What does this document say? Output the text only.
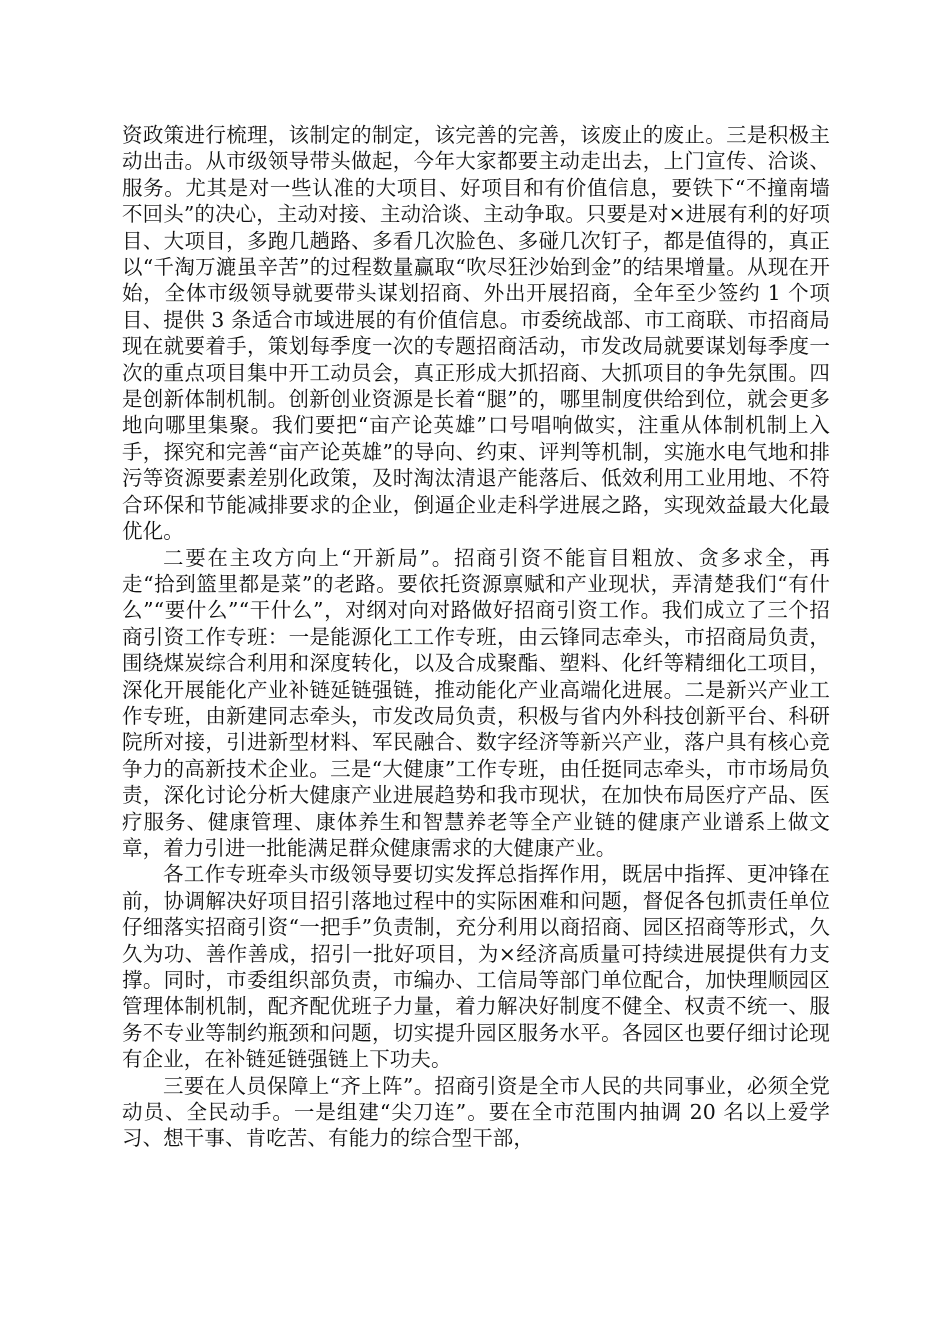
资政策进行梳理，该制定的制定，该完善的完善，该废止的废止。三是积极主动出击。从市级领导带头做起，今年大家都要主动走出去，上门宣传、洽谈、服务。尤其是对一些认准的大项目、好项目和有价值信息，要铁下“不撞南墙不回头”的决心，主动对接、主动洽谈、主动争取。只要是对×进展有利的好项目、大项目，多跑几趟路、多看几次脸色、多碰几次钉子，都是值得的，真正以“千淘万漉虽辛苦”的过程数量赢取“吹尽狂沙始到金”的结果增量。从现在开始，全体市级领导就要带头谋划招商、外出开展招商，全年至少签约 1 个项目、提供 3 条适合市域进展的有价值信息。市委统战部、市工商联、市招商局现在就要着手，策划每季度一次的专题招商活动，市发改局就要谋划每季度一次的重点项目集中开工动员会，真正形成大抓招商、大抓项目的争先氛围。四是创新体制机制。创新创业资源是长着“腿”的，哪里制度供给到位，就会更多地向哪里集聚。我们要把“亩产论英雄”口号唱响做实，注重从体制机制上入手，探究和完善“亩产论英雄”的导向、约束、评判等机制，实施水电气地和排污等资源要素差别化政策，及时淘汰清退产能落后、低效利用工业用地、不符合环保和节能减排要求的企业，倒逼企业走科学进展之路，实现效益最大化最优化。

二要在主攻方向上“开新局”。招商引资不能盲目粗放、贪多求全，再走“拾到篮里都是菜”的老路。要依托资源禀赋和产业现状，弄清楚我们“有什么”“要什么”“干什么”，对纲对向对路做好招商引资工作。我们成立了三个招商引资工作专班：一是能源化工工作专班，由云锋同志牵头，市招商局负责，围绕煤炭综合利用和深度转化，以及合成聚酯、塑料、化纤等精细化工项目，深化开展能化产业补链延链强链，推动能化产业高端化进展。二是新兴产业工作专班，由新建同志牵头，市发改局负责，积极与省内外科技创新平台、科研院所对接，引进新型材料、军民融合、数字经济等新兴产业，落户具有核心竞争力的高新技术企业。三是“大健康”工作专班，由任挺同志牵头，市市场局负责，深化讨论分析大健康产业进展趋势和我市现状，在加快布局医疗产品、医疗服务、健康管理、康体养生和智慧养老等全产业链的健康产业谱系上做文章，着力引进一批能满足群众健康需求的大健康产业。

各工作专班牵头市级领导要切实发挥总指挥作用，既居中指挥、更冲锋在前，协调解决好项目招引落地过程中的实际困难和问题，督促各包抓责任单位仔细落实招商引资“一把手”负责制，充分利用以商招商、园区招商等形式，久久为功、善作善成，招引一批好项目，为×经济高质量可持续进展提供有力支撑。同时，市委组织部负责，市编办、工信局等部门单位配合，加快理顺园区管理体制机制，配齐配优班子力量，着力解决好制度不健全、权责不统一、服务不专业等制约瓶颈和问题，切实提升园区服务水平。各园区也要仔细讨论现有企业，在补链延链强链上下功夫。

三要在人员保障上“齐上阵”。招商引资是全市人民的共同事业，必须全党动员、全民动手。一是组建“尖刀连”。要在全市范围内抽调 20 名以上爱学习、想干事、肯吃苦、有能力的综合型干部，
